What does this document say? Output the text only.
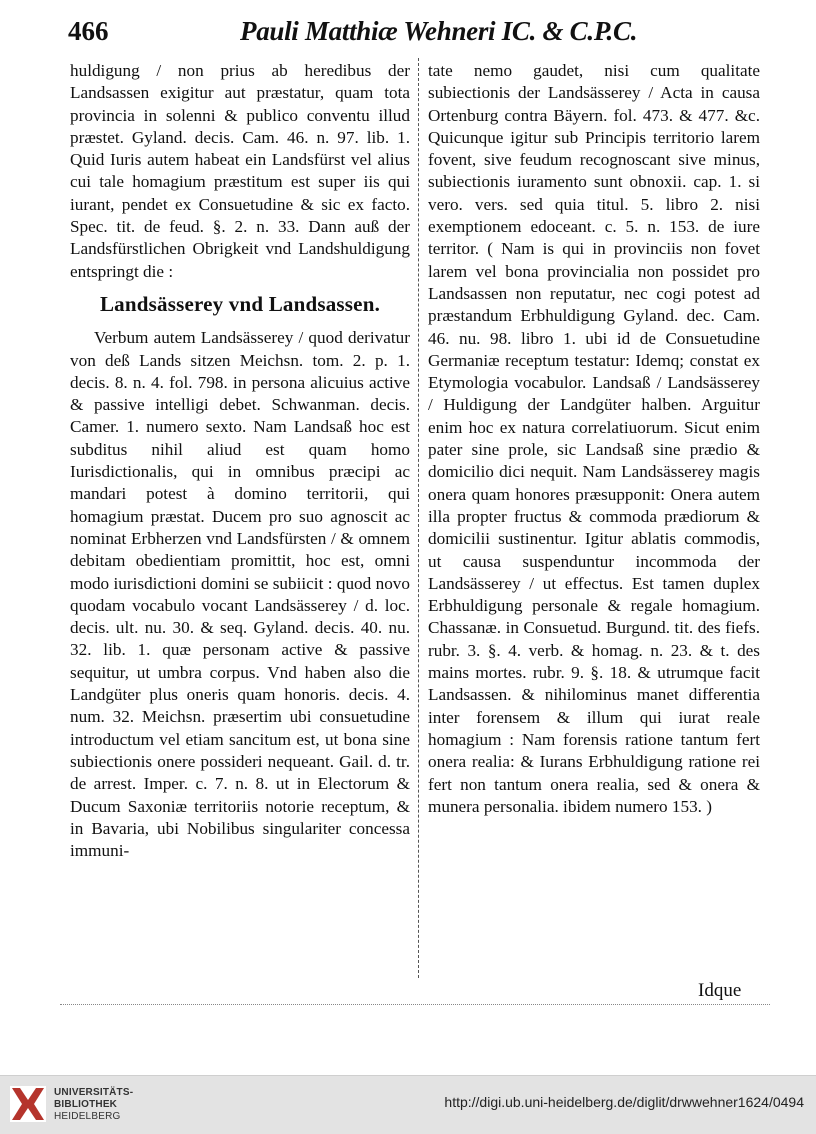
466	Pauli Matthiæ Wehneri IC. & C.P.C.

huldigung / non prius ab heredibus der Landsassen exigitur aut præstatur, quam tota provincia in solenni & publico conventu illud præstet. Gyland. decis. Cam. 46. n. 97. lib. 1. Quid Iuris autem habeat ein Landsfürst vel alius cui tale homagium præstitum est super iis qui iurant, pendet ex Consuetudine & sic ex facto. Spec. tit. de feud. §. 2. n. 33. Dann auß der Landsfürstlichen Obrigkeit vnd Landshuldigung entspringt die :

Landsässerey vnd Landsassen.

Verbum autem Landsässerey / quod derivatur von deß Lands sitzen Meichsn. tom. 2. p. 1. decis. 8. n. 4. fol. 798. in persona alicuius active & passive intelligi debet. Schwanman. decis. Camer. 1. numero sexto. Nam Landsaß hoc est subditus nihil aliud est quam homo Iurisdictionalis, qui in omnibus præcipi ac mandari potest à domino territorii, qui homagium præstat. Ducem pro suo agnoscit ac nominat Erbherzen vnd Landsfürsten / & omnem debitam obedientiam promittit, hoc est, omni modo iurisdictioni domini se subiicit : quod novo quodam vocabulo vocant Landsässerey / d. loc. decis. ult. nu. 30. & seq. Gyland. decis. 40. nu. 32. lib. 1. quæ personam active & passive sequitur, ut umbra corpus. Vnd haben also die Landgüter plus oneris quam honoris. decis. 4. num. 32. Meichsn. præsertim ubi consuetudine introductum vel etiam sancitum est, ut bona sine subiectionis onere possideri nequeant. Gail. d. tr. de arrest. Imper. c. 7. n. 8. ut in Electorum & Ducum Saxoniæ territoriis notorie receptum, & in Bavaria, ubi Nobilibus singulariter concessa immuni-

tate nemo gaudet, nisi cum qualitate subiectionis der Landsässerey / Acta in causa Ortenburg contra Bäyern. fol. 473. & 477. &c. Quicunque igitur sub Principis territorio larem fovent, sive feudum recognoscant sive minus, subiectionis iuramento sunt obnoxii. cap. 1. si vero. vers. sed quia titul. 5. libro 2. nisi exemptionem edoceant. c. 5. n. 153. de iure territor. ( Nam is qui in provinciis non fovet larem vel bona provincialia non possidet pro Landsassen non reputatur, nec cogi potest ad præstandum Erbhuldigung Gyland. dec. Cam. 46. nu. 98. libro 1. ubi id de Consuetudine Germaniæ receptum testatur: Idemq; constat ex Etymologia vocabulor. Landsaß / Landsässerey / Huldigung der Landgüter halben. Arguitur enim hoc ex natura correlatiuorum. Sicut enim pater sine prole, sic Landsaß sine prædio & domicilio dici nequit. Nam Landsässerey magis onera quam honores præsupponit: Onera autem illa propter fructus & commoda prædiorum & domicilii sustinentur. Igitur ablatis commodis, ut causa suspenduntur incommoda der Landsässerey / ut effectus. Est tamen duplex Erbhuldigung personale & regale homagium. Chassanæ. in Consuetud. Burgund. tit. des fiefs. rubr. 3. §. 4. verb. & homag. n. 23. & t. des mains mortes. rubr. 9. §. 18. & utrumque facit Landsassen. & nihilominus manet differentia inter forensem & illum qui iurat reale homagium : Nam forensis ratione tantum fert onera realia: & Iurans Erbhuldigung ratione rei fert non tantum onera realia, sed & onera & munera personalia. ibidem numero 153. )

Idque
UNIVERSITÄTS-
BIBLIOTHEK
HEIDELBERG
http://digi.ub.uni-heidelberg.de/diglit/drwwehner1624/0494
